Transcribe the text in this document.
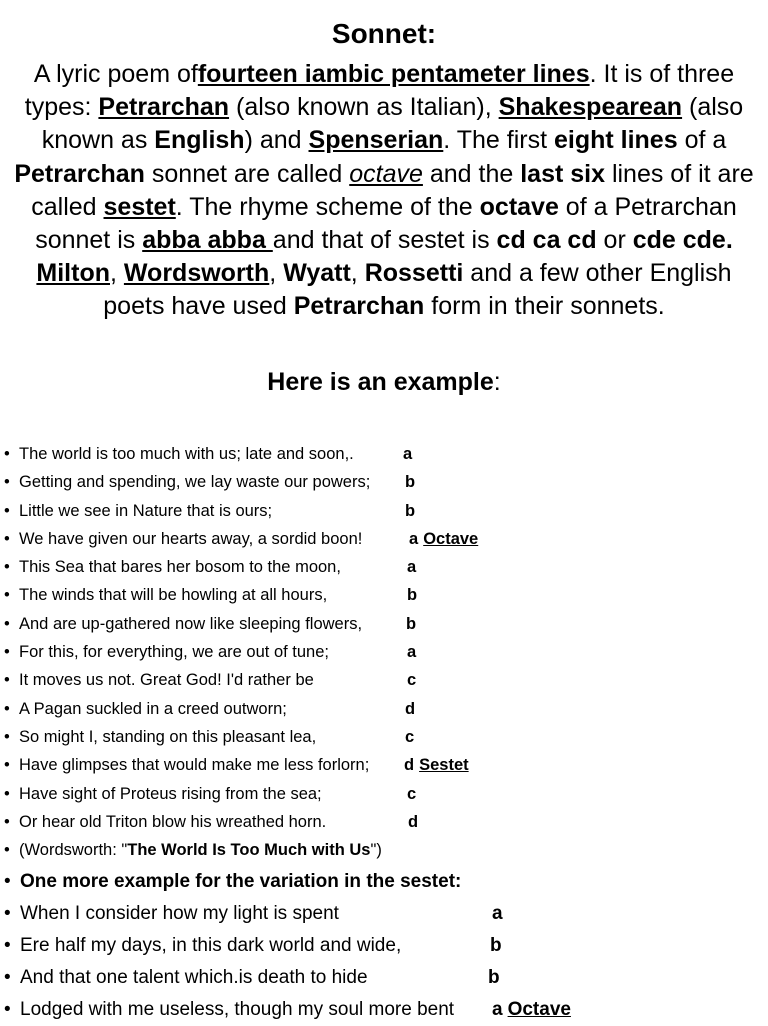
Sonnet:
A lyric poem offourteen iambic pentameter lines. It is of three types: Petrarchan (also known as Italian), Shakespearean (also known as English) and Spenserian. The first eight lines of a Petrarchan sonnet are called octave and the last six lines of it are called sestet. The rhyme scheme of the octave of a Petrarchan sonnet is abba abba and that of sestet is cd ca cd or cde cde.
Milton, Wordsworth, Wyatt, Rossetti and a few other English poets have used Petrarchan form in their sonnets.
Here is an example:
• The world is too much with us; late and soon,.	a
• Getting and spending, we lay waste our powers; b
• Little we see in Nature that is ours;	b
• We have given our hearts away, a sordid boon!	a Octave
• This Sea that bares her bosom to the moon,	a
• The winds that will be howling at all hours,	b
• And are up-gathered now like sleeping flowers,	b
• For this, for everything, we are out of tune;	a
• It moves us not. Great God! I'd rather be	c
• A Pagan suckled in a creed outworn;	d
• So might I, standing on this pleasant lea,	c
• Have glimpses that would make me less forlorn; d Sestet
• Have sight of Proteus rising from the sea;	c
• Or hear old Triton blow his wreathed horn.	d
• (Wordsworth: "The World Is Too Much with Us")
• One more example for the variation in the sestet:
• When I consider how my light is spent	a
• Ere half my days, in this dark world and wide,	b
• And that one talent which.is death to hide	b
• Lodged with me useless, though my soul more bent a Octave
